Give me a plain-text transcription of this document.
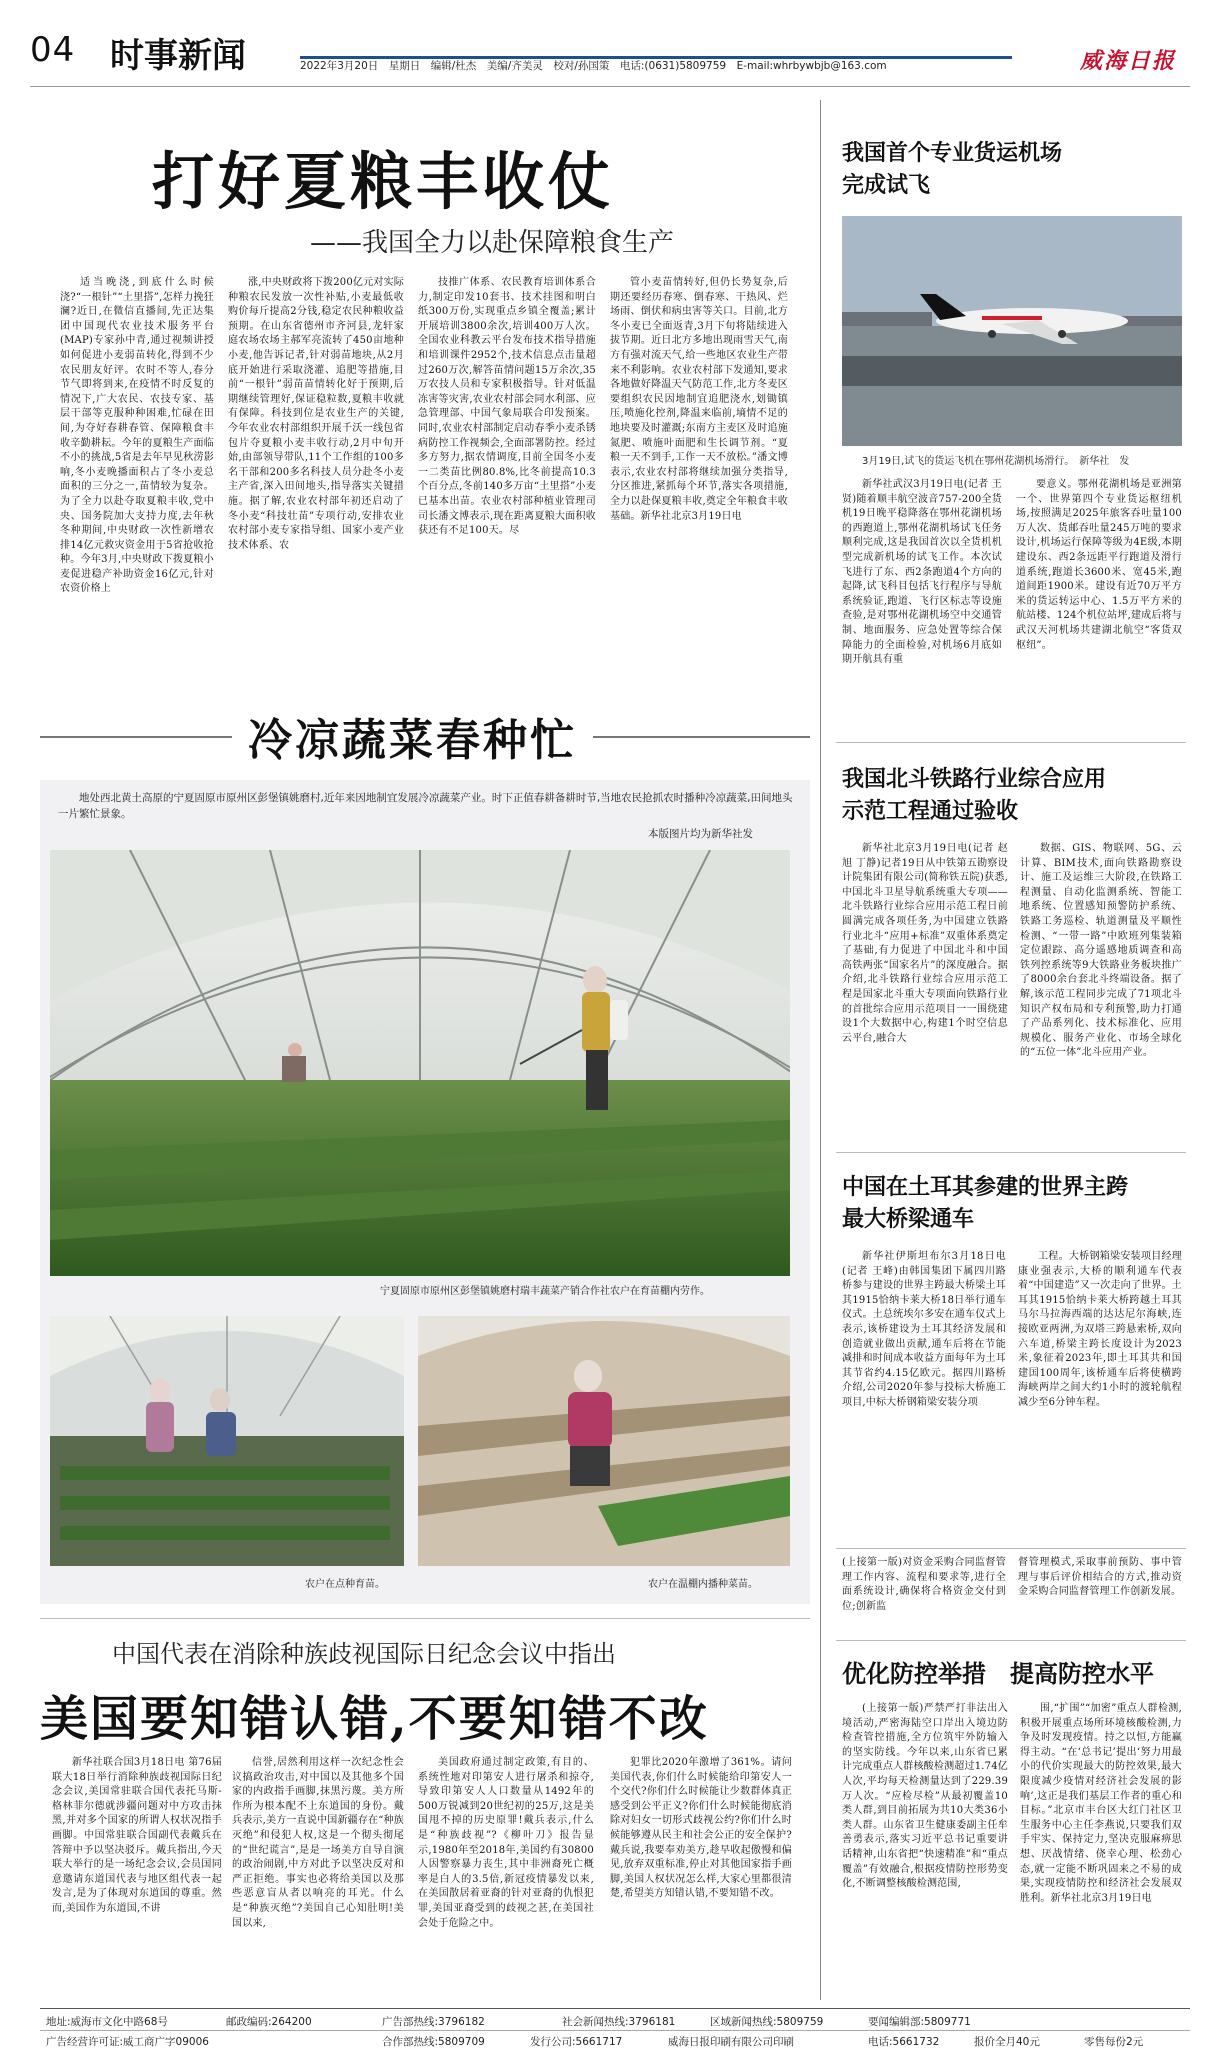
04 时事新闻	2022年3月20日　星期日　编辑/杜杰　美编/齐美灵　校对/孙国策　电话:(0631)5809759　E-mail:whrbywbjb@163.com	威海日报
打好夏粮丰收仗
——我国全力以赴保障粮食生产
适当晚浇,到底什么时候浇?“一根针”“土里搭”,怎样力挽狂澜?近日,在微信直播间,先正达集团中国现代农业技术服务平台(MAP)专家孙中青,通过视频讲授如何促进小麦弱苗转化,得到不少农民朋友好评。农时不等人,春分节气即将到来,在疫情不时反复的情况下,广大农民、农技专家、基层干部等克服种种困难,忙碌在田间,为夺好春耕春管、保障粮食丰收辛勤耕耘。今年的夏粮生产面临不小的挑战,5省是去年早见秋涝影响,冬小麦晚播面积占了冬小麦总面积的三分之一,苗情较为复杂。为了全力以赴夺取夏粮丰收,党中央、国务院加大支持力度,去年秋冬种期间,中央财政一次性新增农排14亿元救灾资金用于5省抢收抢种。今年3月,中央财政下拨夏粮小麦促进稳产补助资金16亿元,针对农资价格上
涨,中央财政将下拨200亿元对实际种粮农民发放一次性补贴,小麦最低收购价每斤提高2分钱,稳定农民种粮收益预期。在山东省德州市齐河县,龙轩家庭农场农场主郝军亮流转了450亩地种小麦,他告诉记者,针对弱苗地块,从2月底开始进行采取浇灌、追肥等措施,目前“一根针”弱苗苗情转化好于预期,后期继续管理好,保证稳粒数,夏粮丰收就有保障。科技到位是农业生产的关键,今年农业农村部组织开展千沃一线包省包片夺夏粮小麦丰收行动,2月中旬开始,由部领导带队,11个工作组的100多名干部和200多名科技人员分赴冬小麦主产省,深入田间地头,指导落实关键措施。据了解,农业农村部年初还启动了冬小麦“科技壮苗”专项行动,安排农业农村部小麦专家指导组、国家小麦产业技术体系、农
技推广体系、农民教育培训体系合力,制定印发10套书、技术挂图和明白纸300万份,实现重点乡镇全覆盖;累计开展培训3800余次,培训400万人次。全国农业科教云平台发布技术指导措施和培训课件2952个,技术信息点击量超过260万次,解答苗情问题15万余次,35万农技人员和专家积极指导。针对低温冻害等灾害,农业农村部会同水利部、应急管理部、中国气象局联合印发预案。同时,农业农村部制定启动春季小麦杀锈病防控工作视频会,全面部署防控。经过多方努力,据农情调度,目前全国冬小麦一二类苗比例80.8%,比冬前提高10.3个百分点,冬前140多万亩“土里搭”小麦已基本出苗。农业农村部种植业管理司司长潘文博表示,现在距离夏粮大面积收获还有不足100天。尽
管小麦苗情转好,但仍长势复杂,后期还要经历春寒、倒春寒、干热风、烂场雨、倒伏和病虫害等关口。目前,北方冬小麦已全面返青,3月下旬将陆续进入拔节期。近日北方多地出现雨雪天气,南方有强对流天气,给一些地区农业生产带来不利影响。农业农村部下发通知,要求各地做好降温天气防范工作,北方冬麦区要组织农民因地制宜追肥浇水,划锄镇压,喷施化控剂,降温来临前,墒情不足的地块要及时灌溉;东南方主麦区及时追施氮肥、喷施叶面肥和生长调节剂。“夏粮一天不到手,工作一天不放松。”潘文博表示,农业农村部将继续加强分类指导,分区推进,紧抓每个环节,落实各项措施,全力以赴保夏粮丰收,奠定全年粮食丰收基础。新华社北京3月19日电
冷凉蔬菜春种忙
地处西北黄土高原的宁夏固原市原州区彭堡镇姚磨村,近年来因地制宜发展冷凉蔬菜产业。时下正值春耕备耕时节,当地农民抢抓农时播种冷凉蔬菜,田间地头一片繁忙景象。
本版图片均为新华社发
宁夏固原市原州区彭堡镇姚磨村瑞丰蔬菜产销合作社农户在育苗棚内劳作。
农户在点种育苗。	农户在温棚内播种菜苗。
中国代表在消除种族歧视国际日纪念会议中指出
美国要知错认错,不要知错不改
新华社联合国3月18日电 第76届联大18日举行消除种族歧视国际日纪念会议,美国常驻联合国代表托马斯-格林菲尔德就涉疆问题对中方攻击抹黑,并对多个国家的所谓人权状况指手画脚。中国常驻联合国副代表戴兵在答辩中予以坚决驳斥。戴兵指出,今天联大举行的是一场纪念会议,会员国同意邀请东道国代表与地区组代表一起发言,是为了体现对东道国的尊重。然而,美国作为东道国,不讲
信誉,居然利用这样一次纪念性会议搞政治攻击,对中国以及其他多个国家的内政指手画脚,抹黑污蔑。美方所作所为根本配不上东道国的身份。戴兵表示,美方一直说中国新疆存在“种族灭绝”和侵犯人权,这是一个彻头彻尾的“世纪谎言”,是是一场美方自导自演的政治闹剧,中方对此予以坚决反对和严正拒绝。事实也必将给美国以及那些恶意盲从者以响亮的耳光。什么是“种族灭绝”?美国自己心知肚明!美国以来,
美国政府通过制定政策,有目的、系统性地对印第安人进行屠杀和掠夺,导致印第安人人口数量从1492年的500万锐减到20世纪初的25万,这是美国甩不掉的历史原罪!戴兵表示,什么是“种族歧视”?《柳叶刀》报告显示,1980年至2018年,美国约有30800人因警察暴力丧生,其中非洲裔死亡概率是白人的3.5倍,新冠疫情暴发以来,在美国散居着亚裔的针对亚裔的仇恨犯罪,美国亚裔受到的歧视之甚,在美国社会处于危险之中。
犯罪比2020年激增了361%。请问美国代表,你们什么时候能给印第安人一个交代?你们什么时候能让少数群体真正感受到公平正义?你们什么时候能彻底消除对妇女一切形式歧视公约?你们什么时候能够遵从民主和社会公正的安全保护?戴兵说,我要奉劝美方,趁早收起傲慢和偏见,放弃双重标准,停止对其他国家指手画脚,美国人权状况怎么样,大家心里都很清楚,希望美方知错认错,不要知错不改。
我国首个专业货运机场
完成试飞
3月19日,试飞的货运飞机在鄂州花湖机场滑行。　新华社　发
新华社武汉3月19日电(记者 王贤)随着顺丰航空波音757-200全货机19日晚平稳降落在鄂州花湖机场的西跑道上,鄂州花湖机场试飞任务顺利完成,这是我国首次以全货机机型完成新机场的试飞工作。本次试飞进行了东、西2条跑道4个方向的起降,试飞科目包括飞行程序与导航系统验证,跑道、飞行区标志等设施查验,是对鄂州花湖机场空中交通管制、地面服务、应急处置等综合保障能力的全面检验,对机场6月底如期开航具有重
要意义。鄂州花湖机场是亚洲第一个、世界第四个专业货运枢纽机场,按照满足2025年旅客吞吐量100万人次、货邮吞吐量245万吨的要求设计,机场运行保障等级为4E级,本期建设东、西2条远距平行跑道及滑行道系统,跑道长3600米、宽45米,跑道间距1900米。建设有近70万平方米的货运转运中心、1.5万平方米的航站楼、124个机位站坪,建成后将与武汉天河机场共建湖北航空“客货双枢纽”。
我国北斗铁路行业综合应用
示范工程通过验收
新华社北京3月19日电(记者 赵旭 丁静)记者19日从中铁第五勘察设计院集团有限公司(简称铁五院)获悉,中国北斗卫星导航系统重大专项——北斗铁路行业综合应用示范工程日前圆满完成各项任务,为中国建立铁路行业北斗“应用+标准”双重体系奠定了基础,有力促进了中国北斗和中国高铁两张“国家名片”的深度融合。据介绍,北斗铁路行业综合应用示范工程是国家北斗重大专项面向铁路行业的首批综合应用示范项目一一围绕建设1个大数据中心,构建1个时空信息云平台,融合大
数据、GIS、物联网、5G、云计算、BIM技术,面向铁路勘察设计、施工及运维三大阶段,在铁路工程测量、自动化监测系统、智能工地系统、位置感知预警防护系统、铁路工务巡检、轨道测量及平顺性检测、“一带一路”中欧班列集装箱定位跟踪、高分遥感地质调查和高铁列控系统等9大铁路业务板块推广了8000余台套北斗终端设备。据了解,该示范工程同步完成了71项北斗知识产权布局和专利预警,助力打通了产品系列化、技术标准化、应用规模化、服务产业化、市场全球化的“五位一体”北斗应用产业。
中国在土耳其参建的世界主跨
最大桥梁通车
新华社伊斯坦布尔3月18日电(记者 王峰)由韩国集团下属四川路桥参与建设的世界主跨最大桥梁土耳其1915恰纳卡莱大桥18日举行通车仪式。土总统埃尔多安在通车仪式上表示,该桥建设为土耳其经济发展和创造就业做出贡献,通车后将在节能减排和时间成本收益方面每年为土耳其节省约4.15亿欧元。据四川路桥介绍,公司2020年参与投标大桥施工项目,中标大桥钢箱梁安装分项
工程。大桥钢箱梁安装项目经理康业强表示,大桥的顺利通车代表着“中国建造”又一次走向了世界。土耳其1915恰纳卡莱大桥跨越土耳其马尔马拉海西端的达达尼尔海峡,连接欧亚两洲,为双塔三跨悬索桥,双向六车道,桥梁主跨长度设计为2023米,象征着2023年,即土耳其共和国建国100周年,该桥通车后将使横跨海峡两岸之间大约1小时的渡轮航程减少至6分钟车程。
(上接第一版)对资金采购合同监督管理工作内容、流程和要求等,进行全面系统设计,确保将合格资金交付到位;创新监
督管理模式,采取事前预防、事中管理与事后评价相结合的方式,推动资金采购合同监督管理工作创新发展。
优化防控举措　提高防控水平
(上接第一版)严禁严打非法出入境活动,严密海陆空口岸出入境边防检查管控措施,全方位筑牢外防输入的坚实防线。今年以来,山东省已累计完成重点人群核酸检测超过1.74亿人次,平均每天检测量达到了229.39万人次。“应检尽检”从最初覆盖10类人群,到目前拓展为共10大类36小类人群。山东省卫生健康委副主任牟善勇表示,落实习近平总书记重要讲话精神,山东省把“快速精准”和“重点覆盖”有效融合,根据疫情防控形势变化,不断调整核酸检测范围,
围,“扩围”“加密”重点人群检测,积极开展重点场所环境核酸检测,力争及时发现疫情。持之以恒,方能赢得主动。“在‘总书记’提出‘努力用最小的代价实现最大的防控效果,最大限度减少疫情对经济社会发展的影响’,这正是我们基层工作者的重心和目标。”北京市丰台区大红门社区卫生服务中心主任李燕说,只要我们双手牢实、保持定力,坚决克服麻痹思想、厌战情绪、侥幸心理、松劲心态,就一定能不断巩固来之不易的成果,实现疫情防控和经济社会发展双胜利。新华社北京3月19日电
地址:威海市文化中路68号	邮政编码:264200	广告部热线:3796182	社会新闻热线:3796181	区域新闻热线:5809759	要闻编辑部:5809771
广告经营许可证:威工商广字09006	合作部热线:5809709	发行公司:5661717	威海日报印刷有限公司印刷	电话:5661732	报价全月40元	零售每份2元
